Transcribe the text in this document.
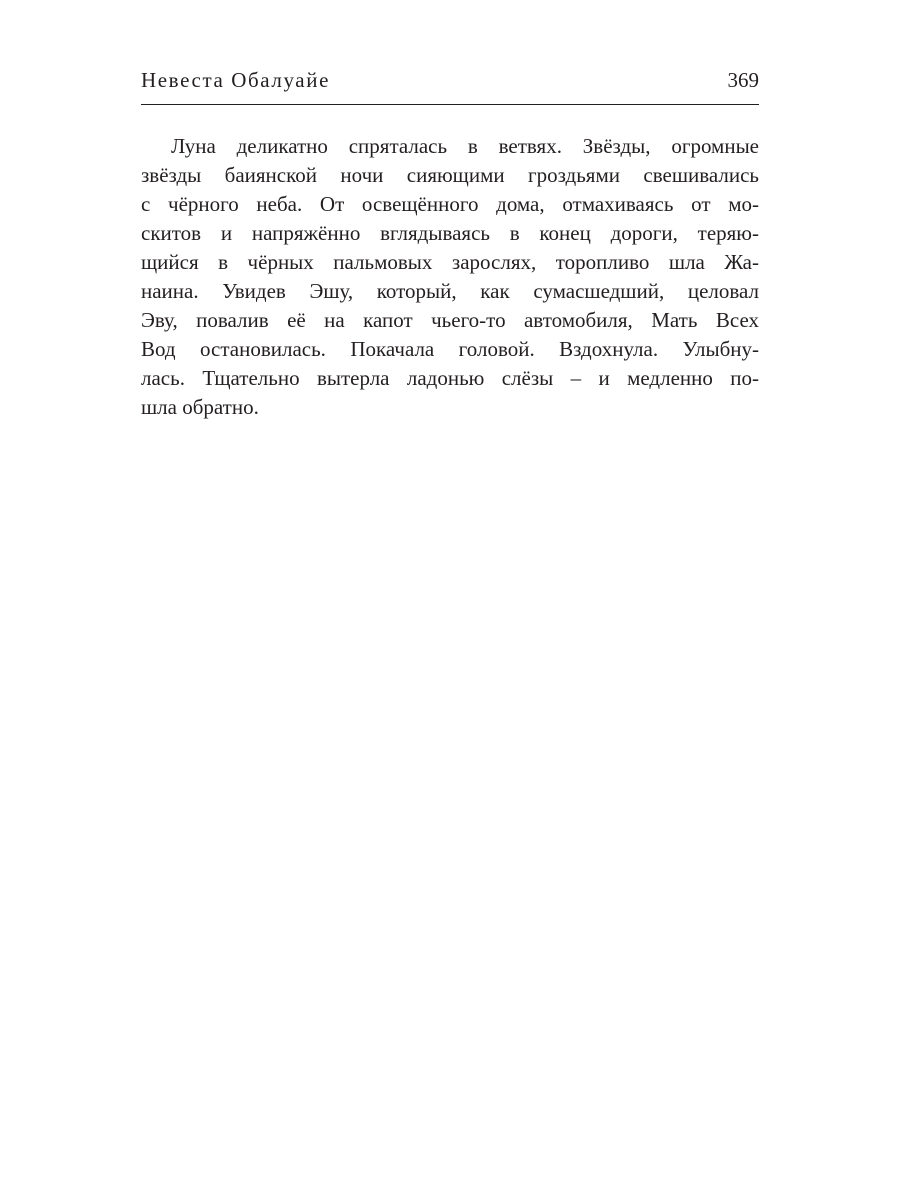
Невеста Обалуайе	369
Луна деликатно спряталась в ветвях. Звёзды, огромные
звёзды баиянской ночи сияющими гроздьями свешивались
с чёрного неба. От освещённого дома, отмахиваясь от мо-
скитов и напряжённо вглядываясь в конец дороги, теряю-
щийся в чёрных пальмовых зарослях, торопливо шла Жа-
наина. Увидев Эшу, который, как сумасшедший, целовал
Эву, повалив её на капот чьего-то автомобиля, Мать Всех
Вод остановилась. Покачала головой. Вздохнула. Улыбну-
лась. Тщательно вытерла ладонью слёзы – и медленно по-
шла обратно.
